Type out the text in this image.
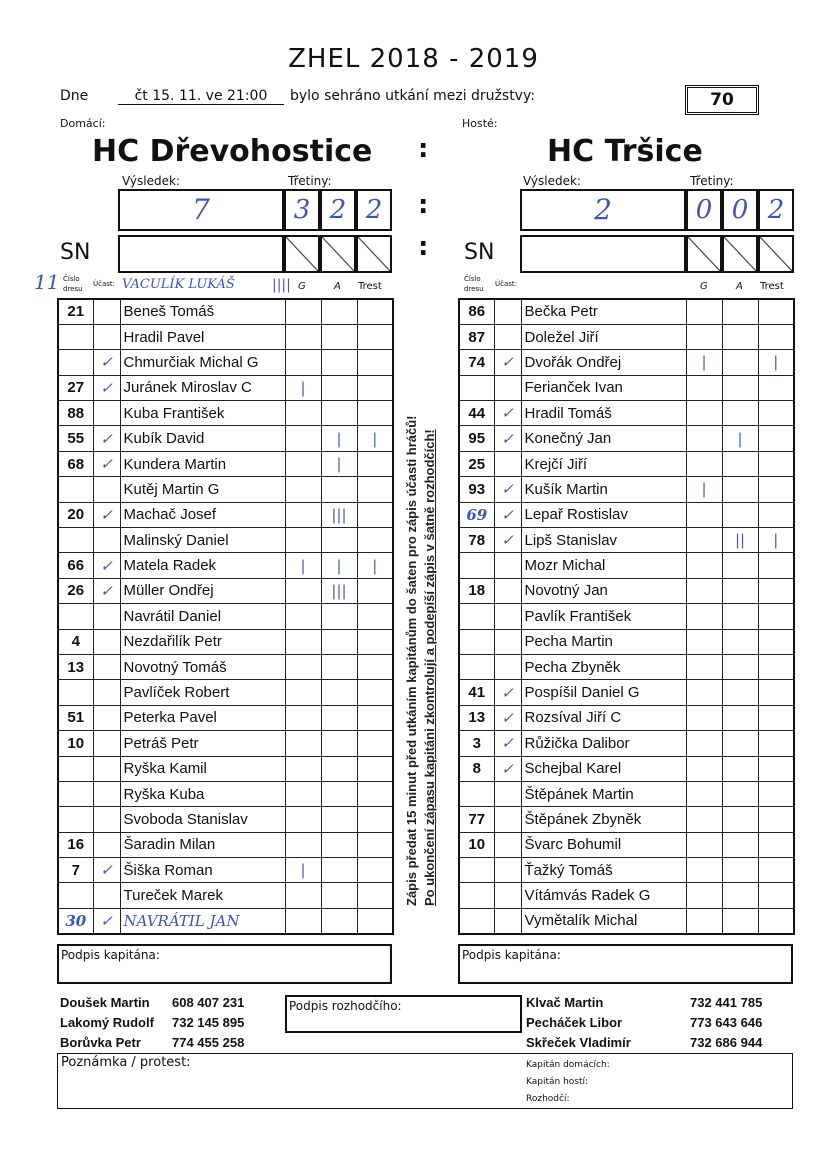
ZHEL 2018 - 2019
Dne	čt 15. 11. ve 21:00	bylo sehráno utkání mezi družstvy:	70
Domácí:	Hosté:
HC Dřevohostice
Výsledek:	Třetiny:
7	3 2 2
SN
11 Číslo dresu
Účast: VACULÍK LUKÁŠ	|||| G	A Trest
21		Beneš Tomáš			
		Hradil Pavel			
	✓	Chmurčiak Michal G			
27	✓	Juránek Miroslav C	|		
88		Kuba František			
55	✓	Kubík David		|	|
68	✓	Kundera Martin		|	
		Kutěj Martin G			
20	✓	Machač Josef		|||	
		Malinský Daniel			
66	✓	Matela Radek	|	|	|
26	✓	Müller Ondřej		|||	
		Navrátil Daniel			
4		Nezdařilík Petr			
13		Novotný Tomáš			
		Pavlíček Robert			
51		Peterka Pavel			
10		Petráš Petr			
		Ryška Kamil			
		Ryška Kuba			
		Svoboda Stanislav			
16		Šaradin Milan			
7	✓	Šiška Roman	|		
		Tureček Marek			
30	✓	NAVRÁTIL JAN			
:
:
:
HC Tršice
Výsledek:	Třetiny:
2	0 0 2
SN
Číslo dresu
Účast:	G	A Trest
86		Bečka Petr			
87		Doležel Jiří			
74	✓	Dvořák Ondřej	|		|
		Ferianček Ivan			
44	✓	Hradil Tomáš			
95	✓	Konečný Jan		|	
25		Krejčí Jiří			
93	✓	Kušík Martin	|		
69	✓	Lepař Rostislav			
78	✓	Lipš Stanislav		||	|
		Mozr Michal			
18		Novotný Jan			
		Pavlík František			
		Pecha Martin			
		Pecha Zbyněk			
41	✓	Pospíšil Daniel G			
13	✓	Rozsíval Jiří C			
3	✓	Růžička Dalibor			
8	✓	Schejbal Karel			
		Štěpánek Martin			
77		Štěpánek Zbyněk			
10		Švarc Bohumil			
		Ťažký Tomáš			
		Vítámvás Radek G			
		Vymětalík Michal			
Zápis předat 15 minut před utkáním kapitánům do šaten pro zápis účasti hráčů! Po ukončení zápasu kapitáni zkontrolují a podepíší zápis v šatně rozhodčích!
Podpis kapitána:	Podpis kapitána:
Doušek Martin 608 407 231
Lakomý Rudolf 732 145 895
Borůvka Petr 774 455 258
Podpis rozhodčího:	Klvač Martin	732 441 785
Pecháček Libor	773 643 646
Skřeček Vladimír	732 686 944
Poznámka / protest:	Kapitán domácích:
Kapitán hostí:
Rozhodčí:
